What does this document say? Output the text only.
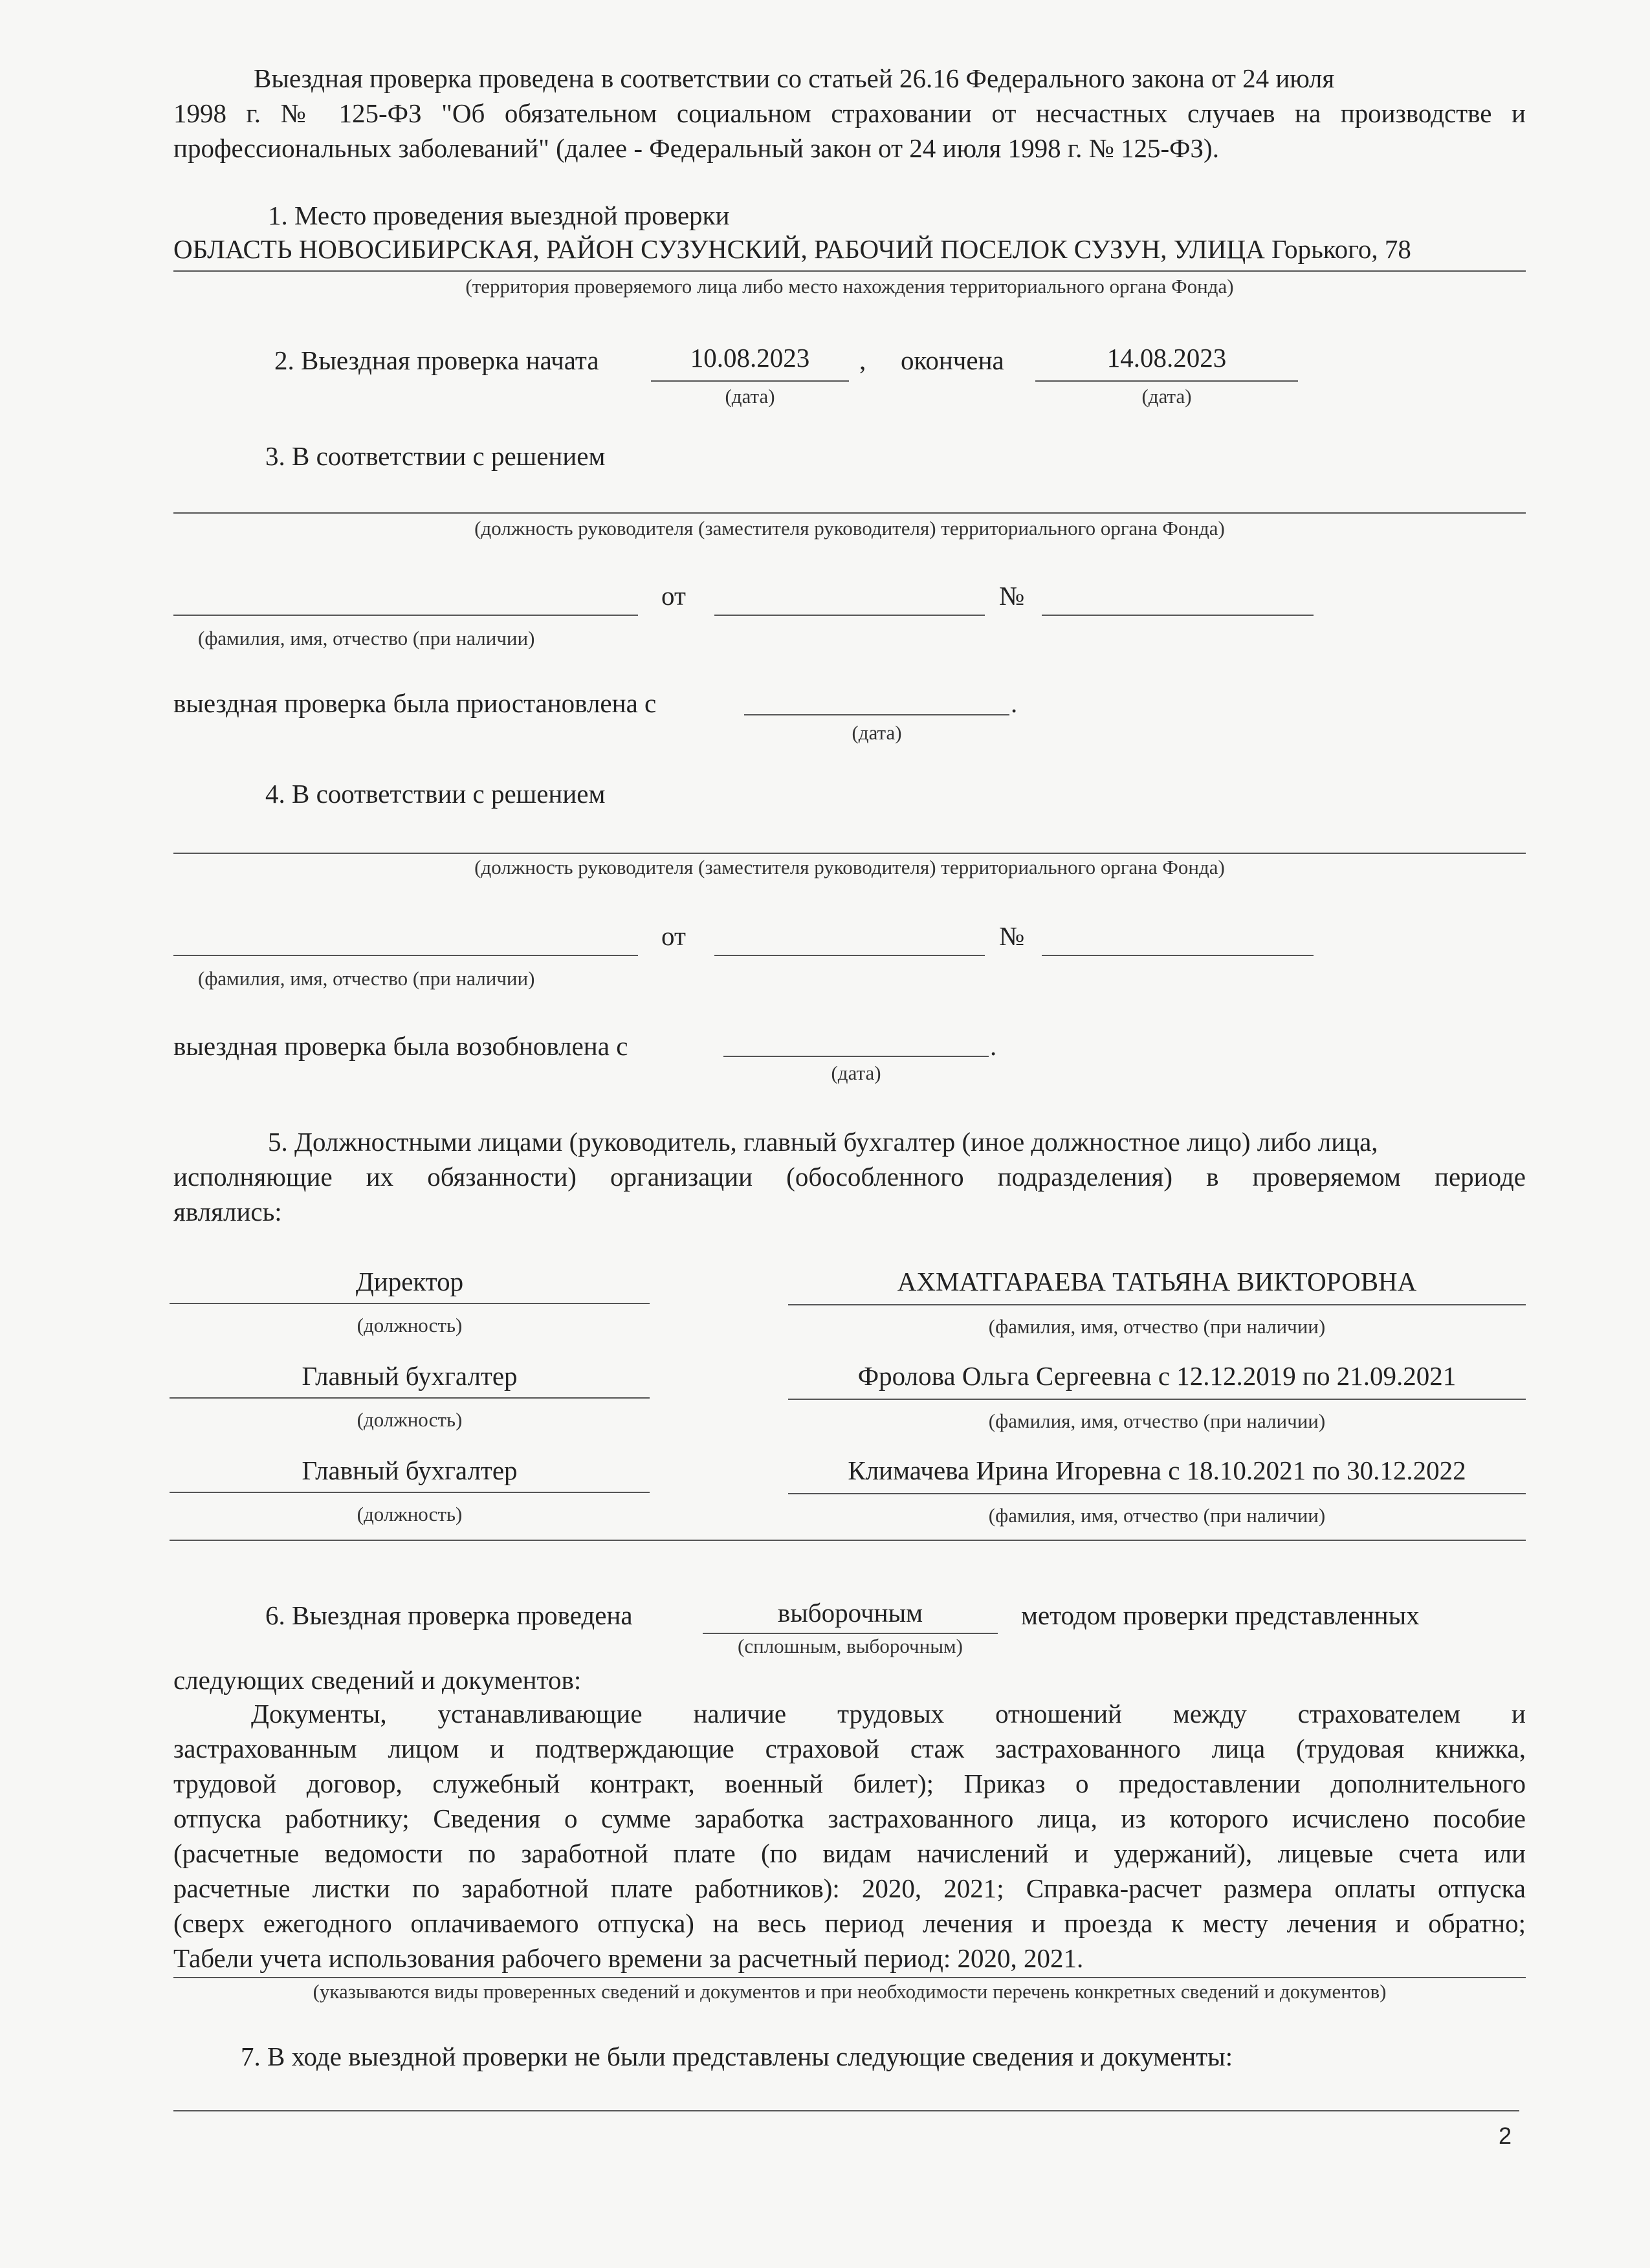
Выездная проверка проведена в соответствии со статьей 26.16 Федерального закона от 24 июля
1998 г. № 125-ФЗ "Об обязательном социальном страховании от несчастных случаев на производстве и
профессиональных заболеваний" (далее - Федеральный закон от 24 июля 1998 г. № 125-ФЗ).
1. Место проведения выездной проверки
ОБЛАСТЬ НОВОСИБИРСКАЯ, РАЙОН СУЗУНСКИЙ, РАБОЧИЙ ПОСЕЛОК СУЗУН, УЛИЦА Горького, 78
(территория проверяемого лица либо место нахождения территориального органа Фонда)
2. Выездная проверка начата	10.08.2023
(дата)
, окончена	14.08.2023
(дата)
3. В соответствии с решением
(должность руководителя (заместителя руководителя) территориального органа Фонда)
от	№
(фамилия, имя, отчество (при наличии)
выездная проверка была приостановлена с	.
(дата)
4. В соответствии с решением
(должность руководителя (заместителя руководителя) территориального органа Фонда)
от	№
(фамилия, имя, отчество (при наличии)
выездная проверка была возобновлена с	.
(дата)
5. Должностными лицами (руководитель, главный бухгалтер (иное должностное лицо) либо лица,
исполняющие их обязанности) организации (обособленного подразделения) в проверяемом периоде
являлись:
Директор
(должность)
АХМАТГАРАЕВА ТАТЬЯНА ВИКТОРОВНА
(фамилия, имя, отчество (при наличии)
Главный бухгалтер
(должность)
Фролова Ольга Сергеевна с 12.12.2019 по 21.09.2021
(фамилия, имя, отчество (при наличии)
Главный бухгалтер
(должность)
Климачева Ирина Игоревна с 18.10.2021 по 30.12.2022
(фамилия, имя, отчество (при наличии)
6. Выездная проверка проведена	выборочным
(сплошным, выборочным)
методом проверки представленных
следующих сведений и документов:
Документы, устанавливающие наличие трудовых отношений между страхователем и
застрахованным лицом и подтверждающие страховой стаж застрахованного лица (трудовая книжка,
трудовой договор, служебный контракт, военный билет); Приказ о предоставлении дополнительного
отпуска работнику; Сведения о сумме заработка застрахованного лица, из которого исчислено пособие
(расчетные ведомости по заработной плате (по видам начислений и удержаний), лицевые счета или
расчетные листки по заработной плате работников): 2020, 2021; Справка-расчет размера оплаты отпуска
(сверх ежегодного оплачиваемого отпуска) на весь период лечения и проезда к месту лечения и обратно;
Табели учета использования рабочего времени за расчетный период: 2020, 2021.
(указываются виды проверенных сведений и документов и при необходимости перечень конкретных сведений и документов)
7. В ходе выездной проверки не были представлены следующие сведения и документы:
2
